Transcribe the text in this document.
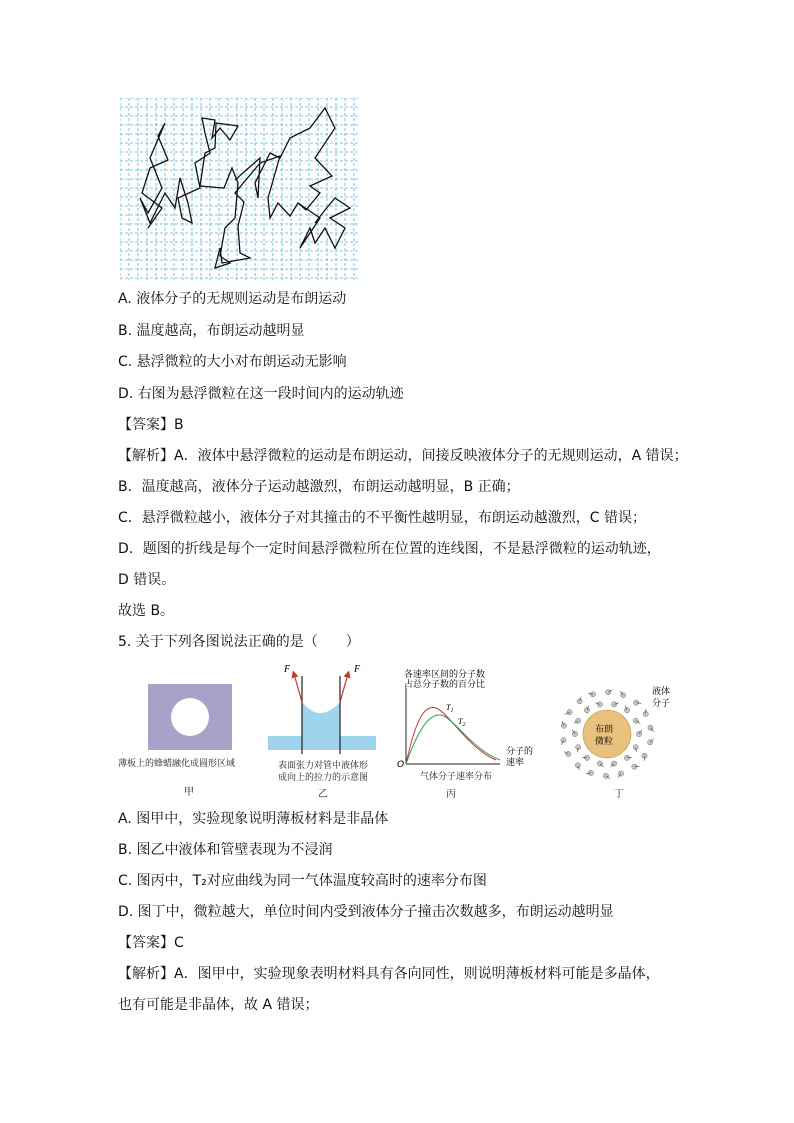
A. 液体分子的无规则运动是布朗运动
B. 温度越高，布朗运动越明显
C. 悬浮微粒的大小对布朗运动无影响
D. 右图为悬浮微粒在这一段时间内的运动轨迹
【答案】B
【解析】A．液体中悬浮微粒的运动是布朗运动，间接反映液体分子的无规则运动，A 错误；
B．温度越高，液体分子运动越激烈，布朗运动越明显，B 正确；
C．悬浮微粒越小，液体分子对其撞击的不平衡性越明显，布朗运动越激烈，C 错误；
D．题图的折线是每个一定时间悬浮微粒所在位置的连线图，不是悬浮微粒的运动轨迹，
D 错误。
故选 B。
5. 关于下列各图说法正确的是（　　）
薄板上的蜂蜡融化成圆形区域
甲
F	F
表面张力对管中液体形
成向上的拉力的示意图
乙
各速率区间的分子数
占总分子数的百分比
分子的
速率
O
$T_1$
$T_2$
气体分子速率分布
丙
布朗
微粒
液体
分子
丁
A. 图甲中，实验现象说明薄板材料是非晶体
B. 图乙中液体和管壁表现为不浸润
C. 图丙中，T₂对应曲线为同一气体温度较高时的速率分布图
D. 图丁中，微粒越大，单位时间内受到液体分子撞击次数越多，布朗运动越明显
【答案】C
【解析】A．图甲中，实验现象表明材料具有各向同性，则说明薄板材料可能是多晶体，
也有可能是非晶体，故 A 错误；
